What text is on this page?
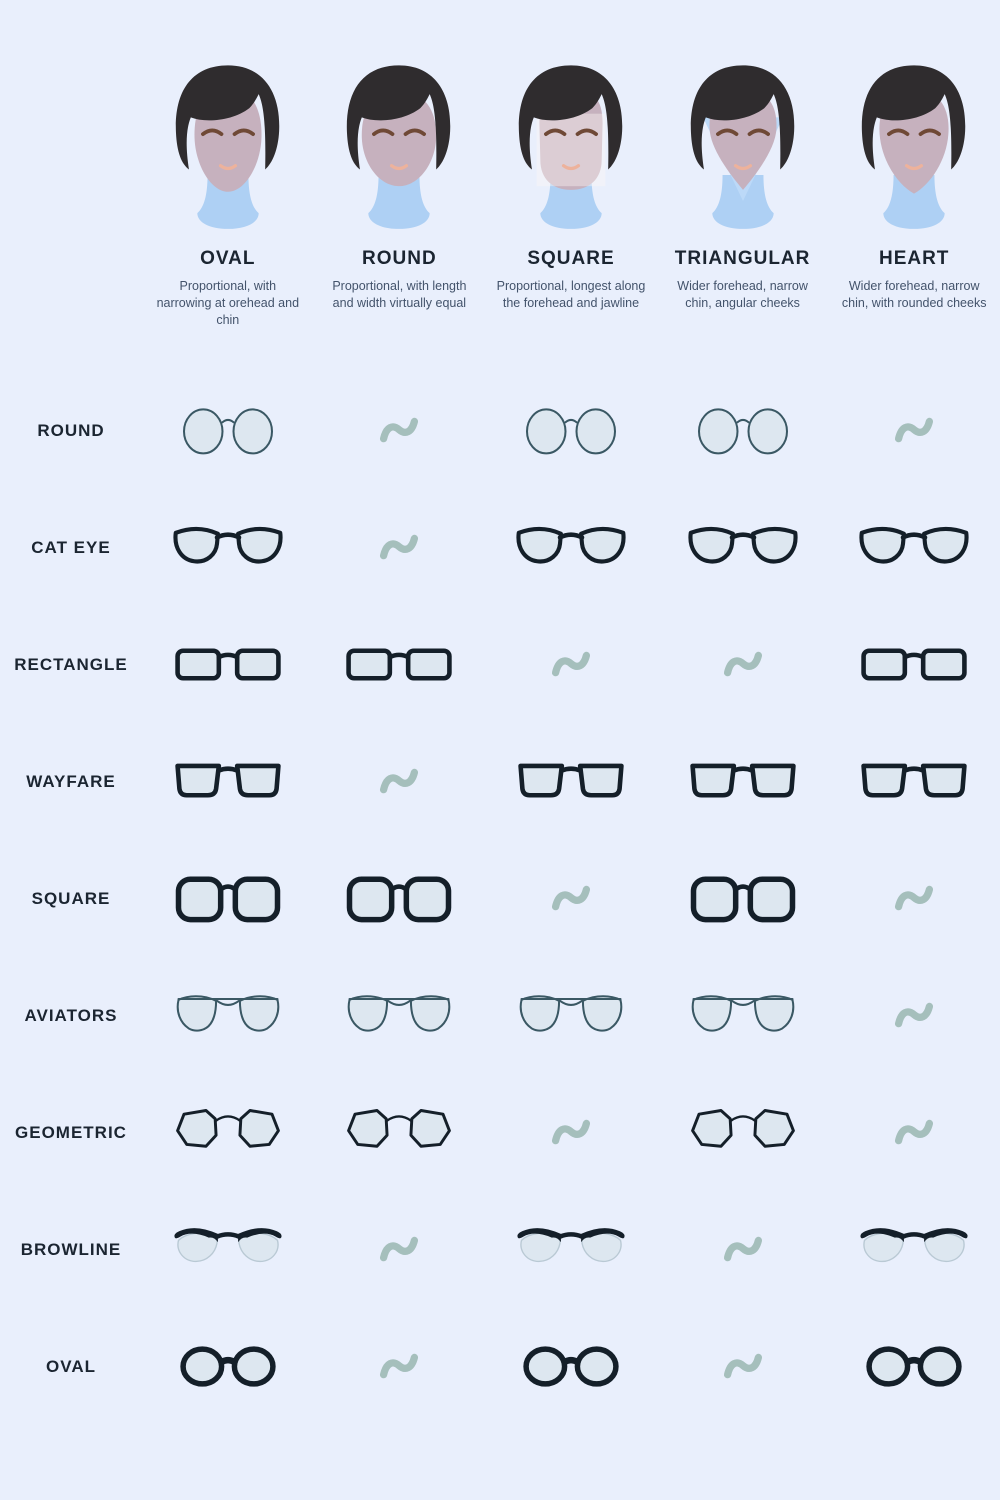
OVAL
Proportional, with narrowing at orehead and chin
ROUND
Proportional, with length and width virtually equal
SQUARE
Proportional, longest along the forehead and jawline
TRIANGULAR
Wider forehead, narrow chin, angular cheeks
HEART
Wider forehead, narrow chin, with rounded cheeks
ROUND
CAT EYE
RECTANGLE
WAYFARE
SQUARE
AVIATORS
GEOMETRIC
BROWLINE
OVAL
